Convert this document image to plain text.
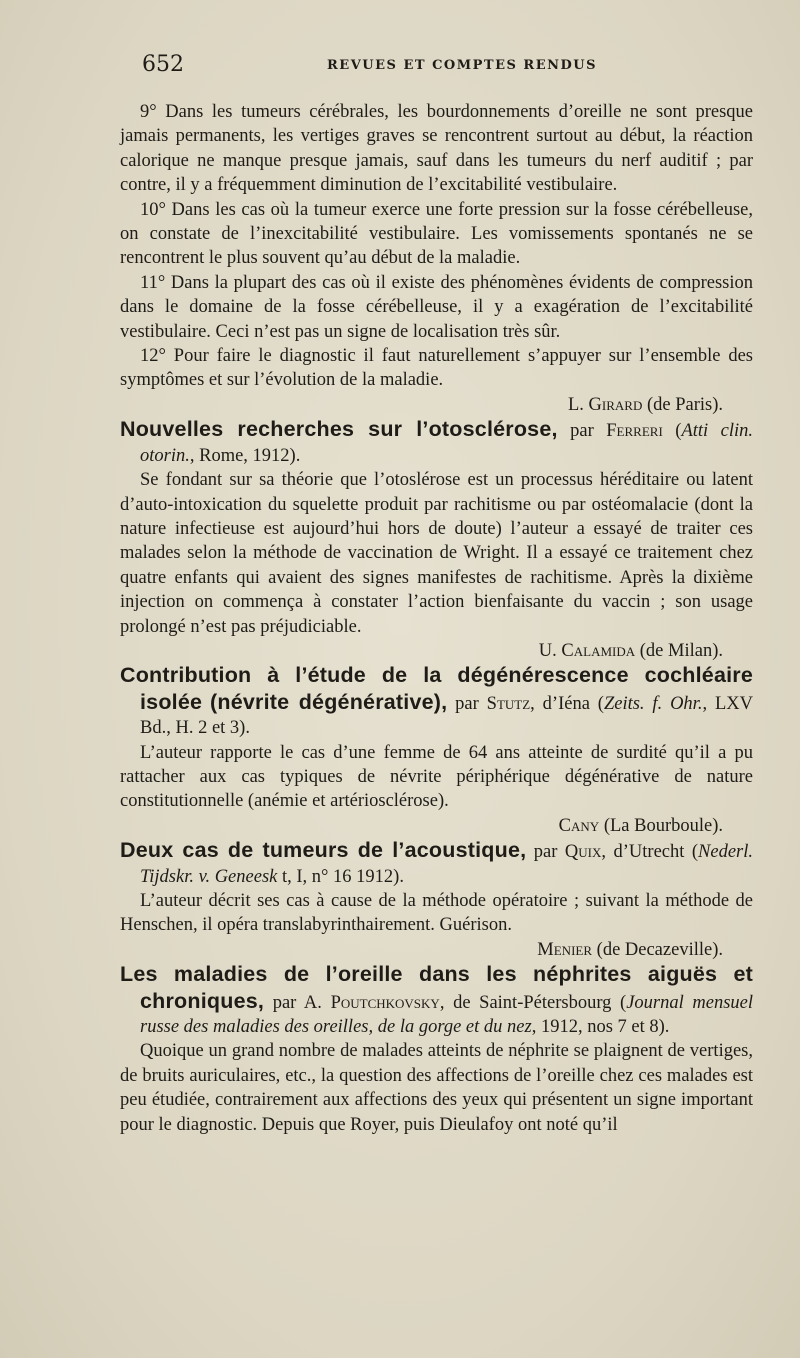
652	REVUES ET COMPTES RENDUS

9° Dans les tumeurs cérébrales, les bourdonnements d’oreille ne sont presque jamais permanents, les vertiges graves se rencontrent surtout au début, la réaction calorique ne manque presque jamais, sauf dans les tumeurs du nerf auditif ; par contre, il y a fréquemment diminution de l’excitabilité vestibulaire.

10° Dans les cas où la tumeur exerce une forte pression sur la fosse cérébelleuse, on constate de l’inexcitabilité vestibulaire. Les vomissements spontanés ne se rencontrent le plus souvent qu’au début de la maladie.

11° Dans la plupart des cas où il existe des phénomènes évidents de compression dans le domaine de la fosse cérébelleuse, il y a exagération de l’excitabilité vestibulaire. Ceci n’est pas un signe de localisation très sûr.

12° Pour faire le diagnostic il faut naturellement s’appuyer sur l’ensemble des symptômes et sur l’évolution de la maladie.

L. Girard (de Paris).

Nouvelles recherches sur l’otosclérose, par Ferreri (Atti clin. otorin., Rome, 1912).

Se fondant sur sa théorie que l’otoslérose est un processus héréditaire ou latent d’auto-intoxication du squelette produit par rachitisme ou par ostéomalacie (dont la nature infectieuse est aujourd’hui hors de doute) l’auteur a essayé de traiter ces malades selon la méthode de vaccination de Wright. Il a essayé ce traitement chez quatre enfants qui avaient des signes manifestes de rachitisme. Après la dixième injection on commença à constater l’action bienfaisante du vaccin ; son usage prolongé n’est pas préjudiciable.

U. Calamida (de Milan).

Contribution à l’étude de la dégénérescence cochléaire isolée (névrite dégénérative), par Stutz, d’Iéna (Zeits. f. Ohr., LXV Bd., H. 2 et 3).

L’auteur rapporte le cas d’une femme de 64 ans atteinte de surdité qu’il a pu rattacher aux cas typiques de névrite périphérique dégénérative de nature constitutionnelle (anémie et artériosclérose).

Cany (La Bourboule).

Deux cas de tumeurs de l’acoustique, par Quix, d’Utrecht (Nederl. Tijdskr. v. Geneesk t, I, n° 16 1912).

L’auteur décrit ses cas à cause de la méthode opératoire ; suivant la méthode de Henschen, il opéra translabyrinthairement. Guérison.

Menier (de Decazeville).

Les maladies de l’oreille dans les néphrites aiguës et chroniques, par A. Poutchkovsky, de Saint-Pétersbourg (Journal mensuel russe des maladies des oreilles, de la gorge et du nez, 1912, nos 7 et 8).

Quoique un grand nombre de malades atteints de néphrite se plaignent de vertiges, de bruits auriculaires, etc., la question des affections de l’oreille chez ces malades est peu étudiée, contrairement aux affections des yeux qui présentent un signe important pour le diagnostic. Depuis que Royer, puis Dieulafoy ont noté qu’il
